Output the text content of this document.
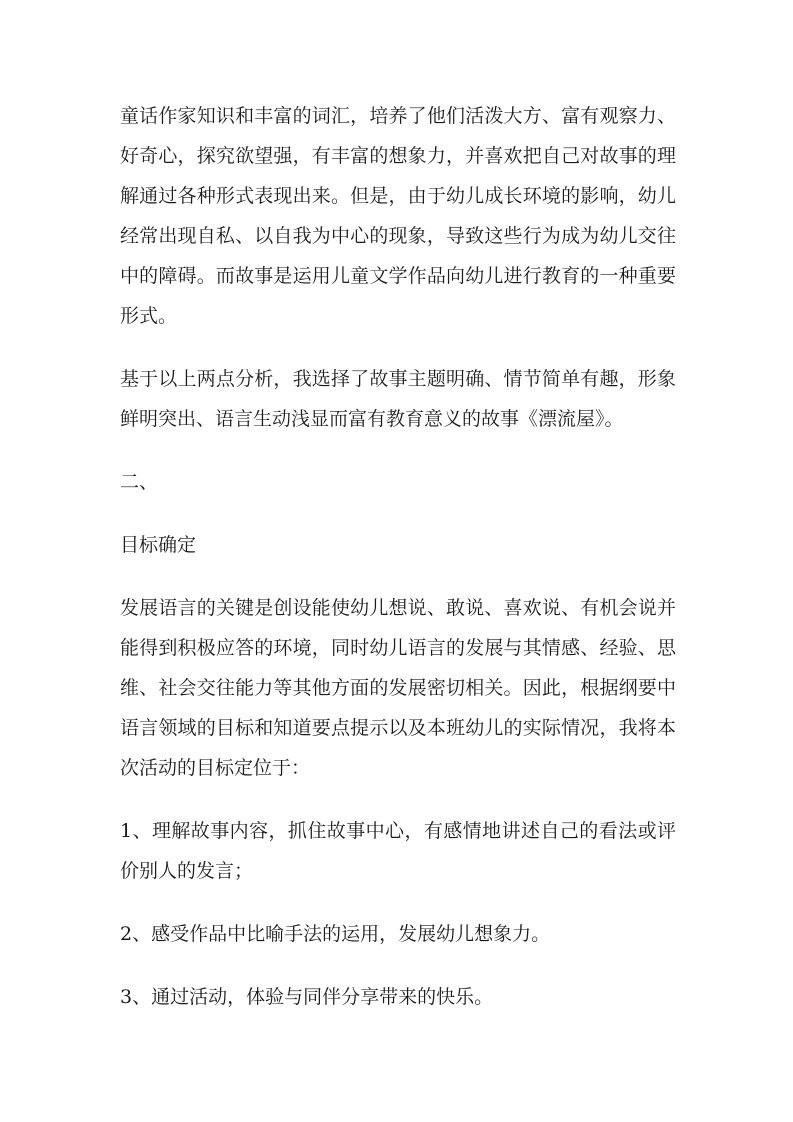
童话作家知识和丰富的词汇，培养了他们活泼大方、富有观察力、好奇心，探究欲望强，有丰富的想象力，并喜欢把自己对故事的理解通过各种形式表现出来。但是，由于幼儿成长环境的影响，幼儿经常出现自私、以自我为中心的现象，导致这些行为成为幼儿交往中的障碍。而故事是运用儿童文学作品向幼儿进行教育的一种重要形式。

基于以上两点分析，我选择了故事主题明确、情节简单有趣，形象鲜明突出、语言生动浅显而富有教育意义的故事《漂流屋》。

二、

目标确定

发展语言的关键是创设能使幼儿想说、敢说、喜欢说、有机会说并能得到积极应答的环境，同时幼儿语言的发展与其情感、经验、思维、社会交往能力等其他方面的发展密切相关。因此，根据纲要中语言领域的目标和知道要点提示以及本班幼儿的实际情况，我将本次活动的目标定位于：

1、理解故事内容，抓住故事中心，有感情地讲述自己的看法或评价别人的发言；

2、感受作品中比喻手法的运用，发展幼儿想象力。

3、通过活动，体验与同伴分享带来的快乐。
